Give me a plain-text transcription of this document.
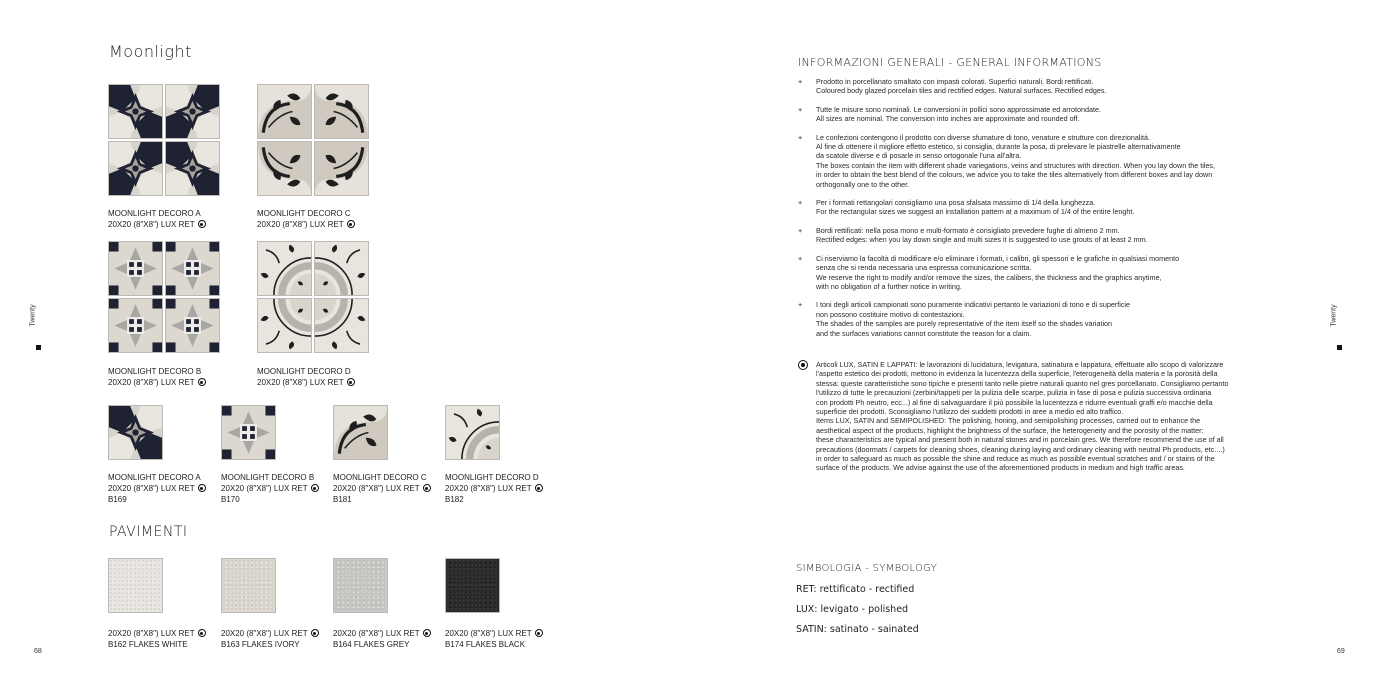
Moonlight
MOONLIGHT DECORO A
20X20 (8"X8") LUX RET
MOONLIGHT DECORO C
20X20 (8"X8") LUX RET
MOONLIGHT DECORO B
20X20 (8"X8") LUX RET
MOONLIGHT DECORO D
20X20 (8"X8") LUX RET
MOONLIGHT DECORO A
20X20 (8"X8") LUX RET
B169
MOONLIGHT DECORO B
20X20 (8"X8") LUX RET
B170
MOONLIGHT DECORO C
20X20 (8"X8") LUX RET
B181
MOONLIGHT DECORO D
20X20 (8"X8") LUX RET
B182
PAVIMENTI
20X20 (8"X8") LUX RET
B162 FLAKES WHITE
20X20 (8"X8") LUX RET
B163 FLAKES IVORY
20X20 (8"X8") LUX RET
B164 FLAKES GREY
20X20 (8"X8") LUX RET
B174 FLAKES BLACK
Twenty
68
INFORMAZIONI GENERALI - GENERAL INFORMATIONS
+ Prodotto in porcellanato smaltato con impasti colorati. Superfici naturali. Bordi rettificati.
Coloured body glazed porcelain tiles and rectified edges. Natural surfaces. Rectified edges.
+ Tutte le misure sono nominali. Le conversioni in pollici sono approssimate ed arrotondate.
All sizes are nominal. The conversion into inches are approximate and rounded off.
+ Le confezioni contengono il prodotto con diverse sfumature di tono, venature e strutture con direzionalità.
Al fine di ottenere il migliore effetto estetico, si consiglia, durante la posa, di prelevare le piastrelle alternativamente
da scatole diverse e di posarle in senso ortogonale l'una all'altra.
The boxes contain the item with different shade variegations, veins and structures with direction. When you lay down the tiles,
in order to obtain the best blend of the colours, we advice you to take the tiles alternatively from different boxes and lay down
orthogonally one to the other.
+ Per i formati rettangolari consigliamo una posa sfalsata massimo di 1/4 della lunghezza.
For the rectangular sizes we suggest an installation pattern at a maximum of 1/4 of the entire lenght.
+ Bordi rettificati: nella posa mono e multi-formato è consigliato prevedere fughe di almeno 2 mm.
Rectified edges: when you lay down single and multi sizes it is suggested to use grouts of at least 2 mm.
+ Ci riserviamo la facoltà di modificare e/o eliminare i formati, i calibri, gli spessori e le grafiche in qualsiasi momento
senza che si renda necessaria una espressa comunicazione scritta.
We reserve the right to modify and/or remove the sizes, the calibers, the thickness and the graphics anytime,
with no obligation of a further notice in writing.
+ I toni degli articoli campionati sono puramente indicativi pertanto le variazioni di tono e di superficie
non possono costituire motivo di contestazioni.
The shades of the samples are purely representative of the item itself so the shades variation
and the surfaces variations cannot constitute the reason for a claim.
Articoli LUX, SATIN E LAPPATI: le lavorazioni di lucidatura, levigatura, satinatura e lappatura, effettuate allo scopo di valorizzare
l'aspetto estetico dei prodotti, mettono in evidenza la lucentezza della superficie, l'eterogeneità della materia e la porosità della
stessa: queste caratteristiche sono tipiche e presenti tanto nelle pietre naturali quanto nel gres porcellanato. Consigliamo pertanto
l'utilizzo di tutte le precauzioni (zerbini/tappeti per la pulizia delle scarpe, pulizia in fase di posa e pulizia successiva ordinaria
con prodotti Ph neutro, ecc...) al fine di salvaguardare il più possibile la lucentezza e ridurre eventuali graffi e/o macchie della
superficie dei prodotti. Sconsigliamo l'utilizzo dei suddetti prodotti in aree a medio ed alto traffico.
Items LUX, SATIN and SEMIPOLISHED: The polishing, honing, and semipolishing processes, carried out to enhance the
aesthetical aspect of the products, highlight the brightness of the surface, the heterogeneity and the porosity of the matter:
these characteristics are typical and present both in natural stones and in porcelain gres. We therefore recommend the use of all
precautions (doormats / carpets for cleaning shoes, cleaning during laying and ordinary cleaning with neutral Ph products, etc....)
in order to safeguard as much as possible the shine and reduce as much as possible eventual scratches and / or stains of the
surface of the products. We advise against the use of the aforementioned products in medium and high traffic areas.
SIMBOLOGIA - SYMBOLOGY
RET: rettificato - rectified
LUX: levigato - polished
SATIN: satinato - sainated
Twenty
69
